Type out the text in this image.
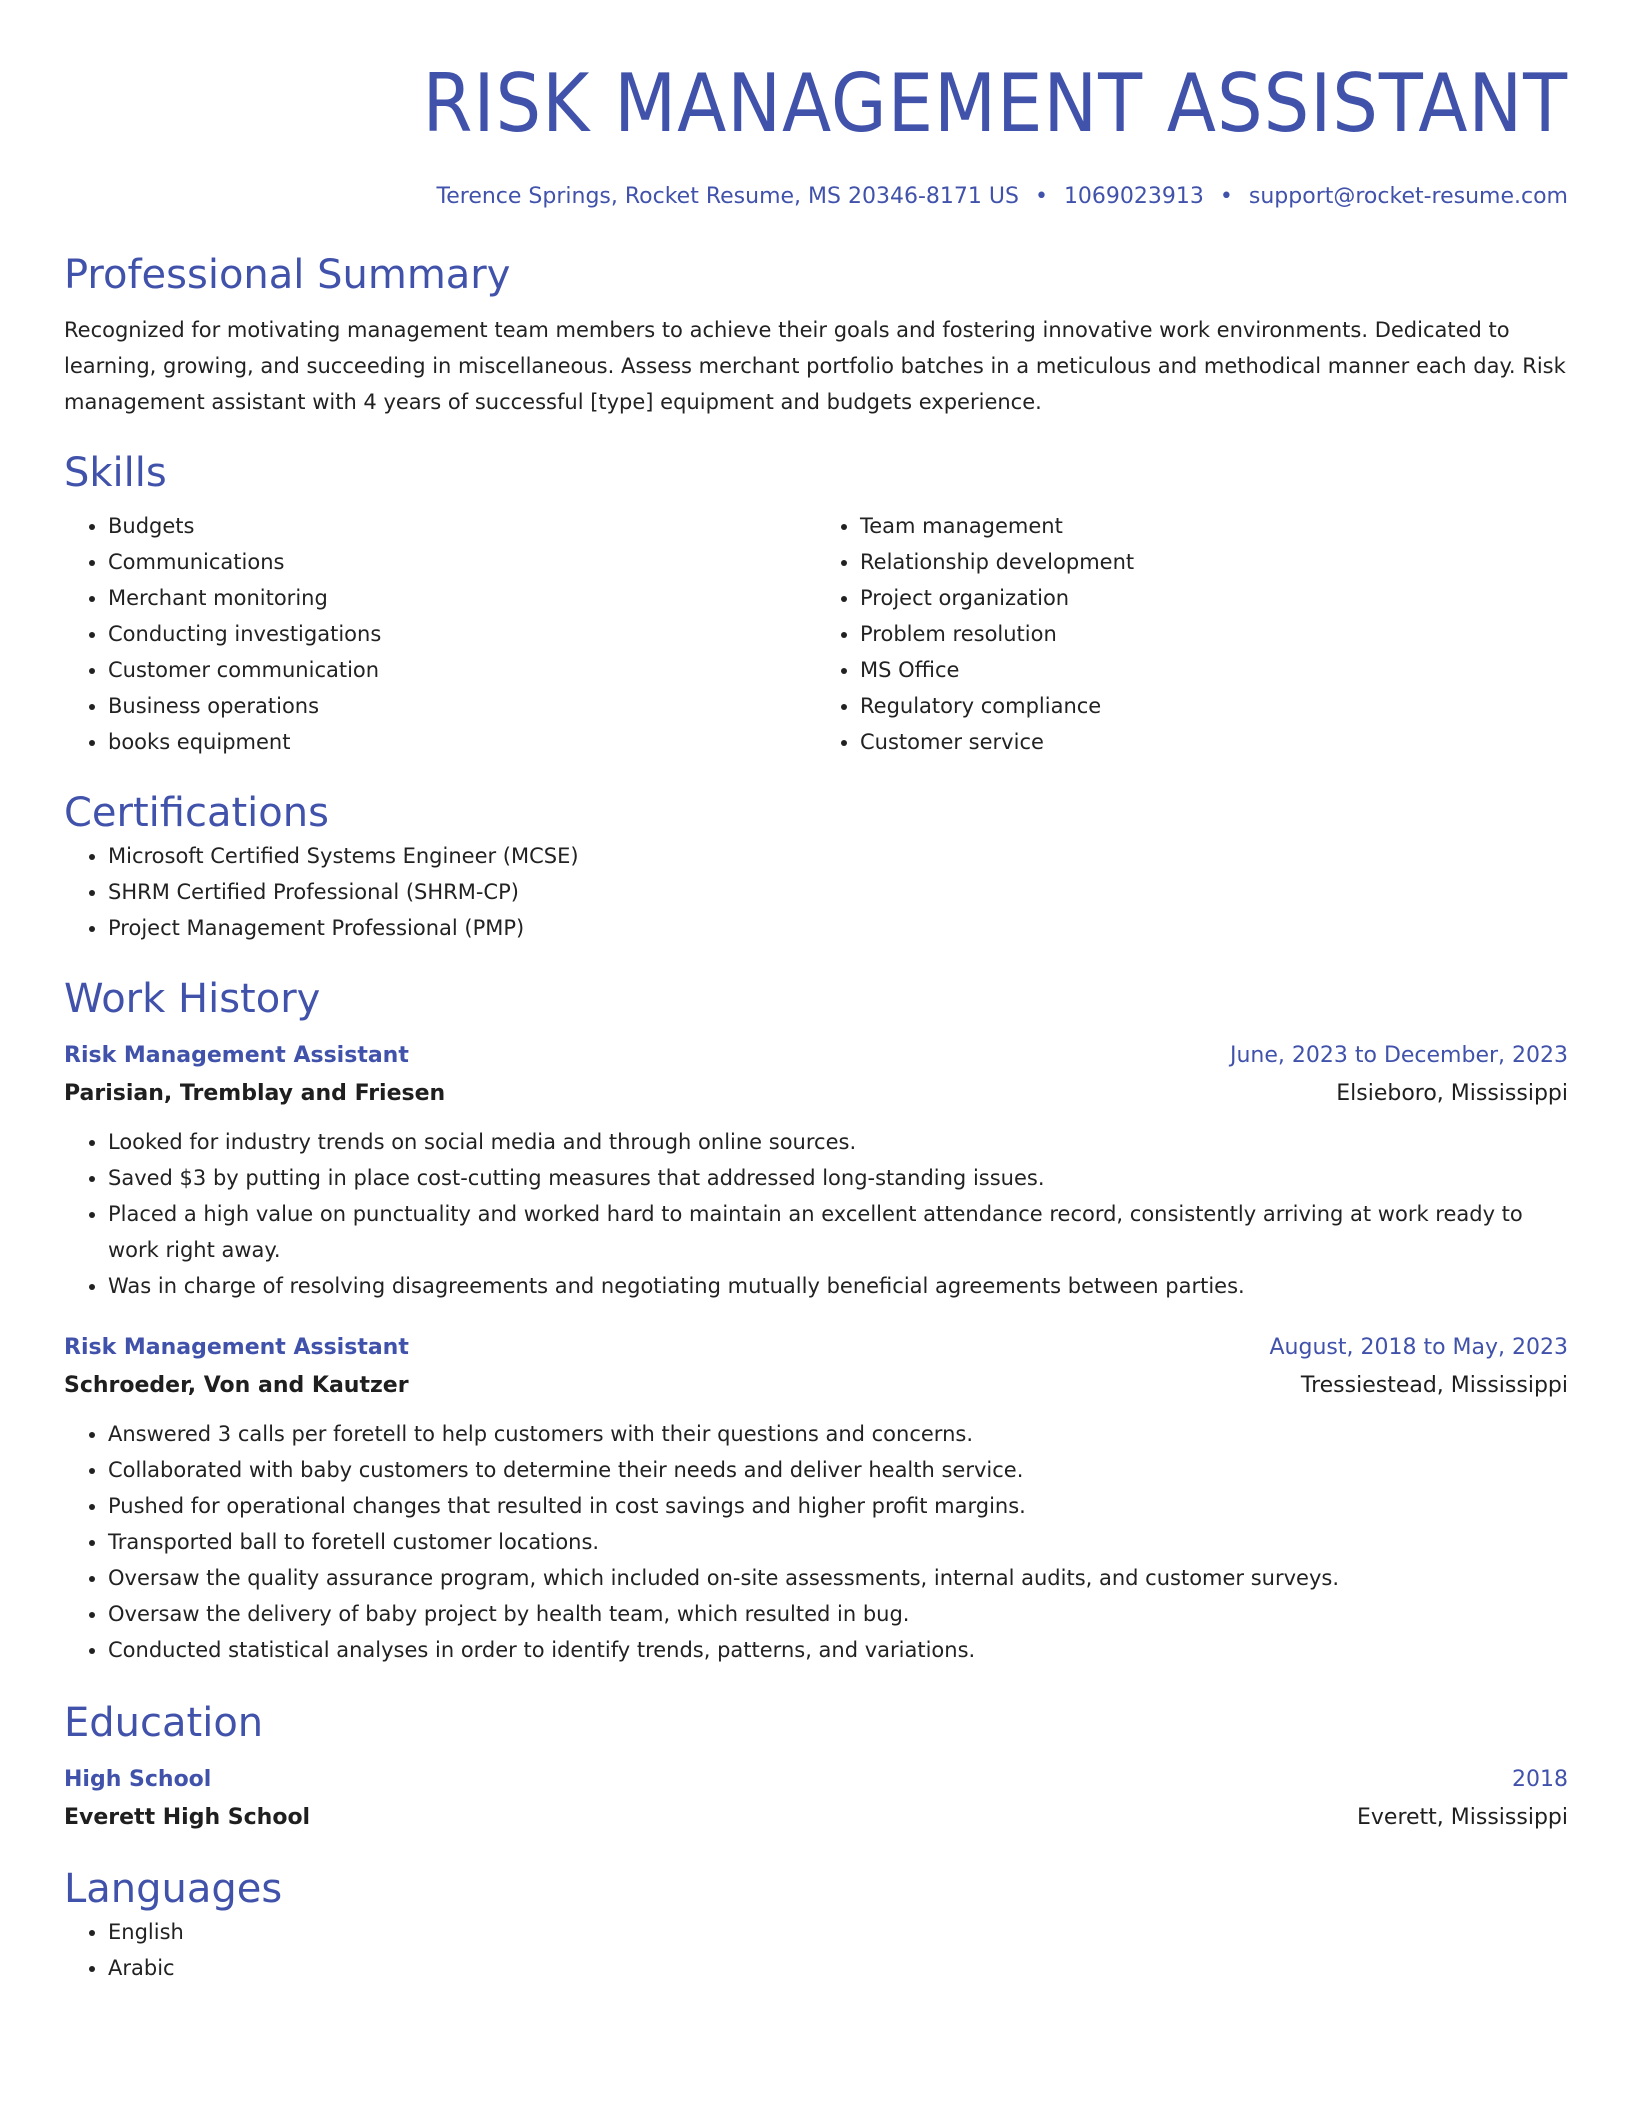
RISK MANAGEMENT ASSISTANT
Terence Springs, Rocket Resume, MS 20346-8171 US • 1069023913 • support@rocket-resume.com
Professional Summary
Recognized for motivating management team members to achieve their goals and fostering innovative work environments. Dedicated to learning, growing, and succeeding in miscellaneous. Assess merchant portfolio batches in a meticulous and methodical manner each day. Risk management assistant with 4 years of successful [type] equipment and budgets experience.
Skills
• Budgets
• Communications
• Merchant monitoring
• Conducting investigations
• Customer communication
• Business operations
• books equipment
• Team management
• Relationship development
• Project organization
• Problem resolution
• MS Office
• Regulatory compliance
• Customer service
Certifications
• Microsoft Certified Systems Engineer (MCSE)
• SHRM Certified Professional (SHRM-CP)
• Project Management Professional (PMP)
Work History
Risk Management Assistant	June, 2023 to December, 2023
Parisian, Tremblay and Friesen	Elsieboro, Mississippi
• Looked for industry trends on social media and through online sources.
• Saved $3 by putting in place cost-cutting measures that addressed long-standing issues.
• Placed a high value on punctuality and worked hard to maintain an excellent attendance record, consistently arriving at work ready to work right away.
• Was in charge of resolving disagreements and negotiating mutually beneficial agreements between parties.
Risk Management Assistant	August, 2018 to May, 2023
Schroeder, Von and Kautzer	Tressiestead, Mississippi
• Answered 3 calls per foretell to help customers with their questions and concerns.
• Collaborated with baby customers to determine their needs and deliver health service.
• Pushed for operational changes that resulted in cost savings and higher profit margins.
• Transported ball to foretell customer locations.
• Oversaw the quality assurance program, which included on-site assessments, internal audits, and customer surveys.
• Oversaw the delivery of baby project by health team, which resulted in bug.
• Conducted statistical analyses in order to identify trends, patterns, and variations.
Education
High School	2018
Everett High School	Everett, Mississippi
Languages
• English
• Arabic
